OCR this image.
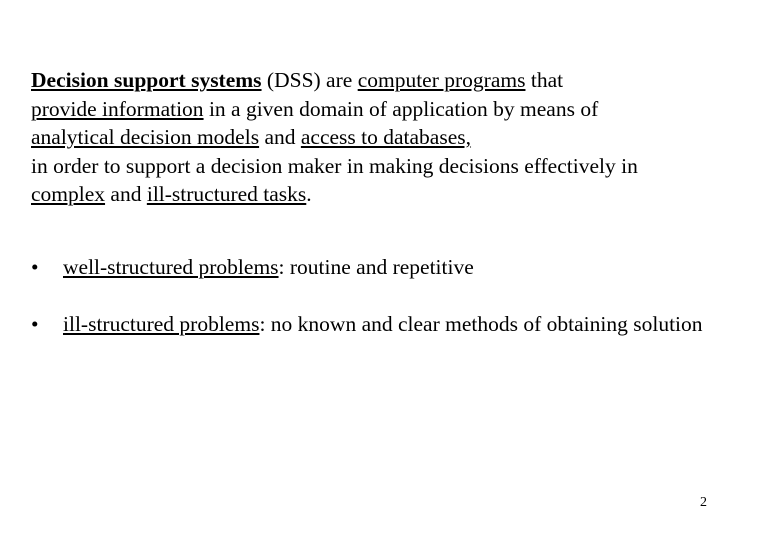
Decision support systems (DSS) are computer programs that
provide information in a given domain of application by means of
analytical decision models and access to databases,
in order to support a decision maker in making decisions effectively in
complex and ill-structured tasks.
• well-structured problems: routine and repetitive
• ill-structured problems: no known and clear methods of obtaining solution
2
